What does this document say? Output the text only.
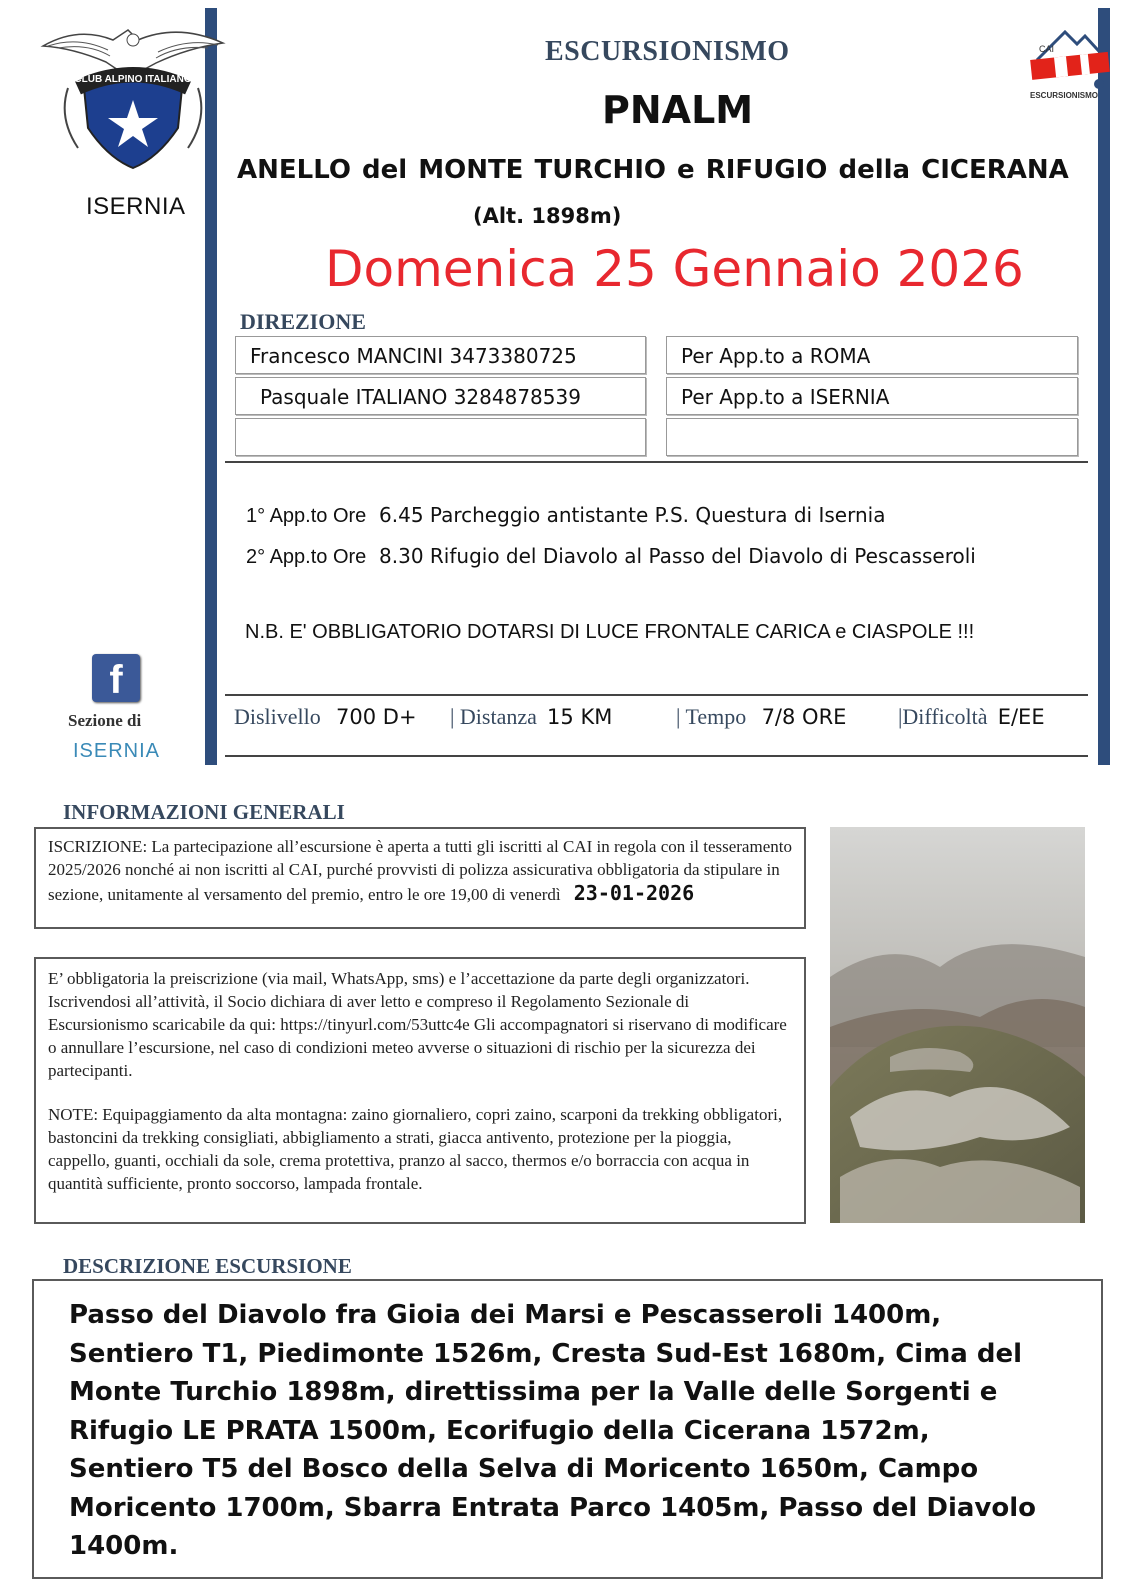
CLUB ALPINO ITALIANO
ISERNIA
ESCURSIONISMO
PNALM
ANELLO del MONTE TURCHIO e RIFUGIO della CICERANA
(Alt. 1898m)
Domenica 25 Gennaio 2026
CAI
ESCURSIONISMO
DIREZIONE
Francesco MANCINI 3473380725	Per App.to a ROMA
Pasquale ITALIANO 3284878539	Per App.to a ISERNIA
1° App.to Ore 6.45 Parcheggio antistante P.S. Questura di Isernia
2° App.to Ore 8.30 Rifugio del Diavolo al Passo del Diavolo di Pescasseroli
N.B. E' OBBLIGATORIO DOTARSI DI LUCE FRONTALE CARICA e CIASPOLE !!!
Dislivello 700 D+ | Distanza 15 KM	| Tempo 7/8 ORE |Difficoltà E/EE
f
Sezione di
ISERNIA
INFORMAZIONI GENERALI
ISCRIZIONE: La partecipazione all’escursione è aperta a tutti gli iscritti al CAI in regola con il tesseramento 2025/2026 nonché ai non iscritti al CAI, purché provvisti di polizza assicurativa obbligatoria da stipulare in sezione, unitamente al versamento del premio, entro le ore 19,00 di venerdì 23-01-2026
E’ obbligatoria la preiscrizione (via mail, WhatsApp, sms) e l’accettazione da parte degli organizzatori. Iscrivendosi all’attività, il Socio dichiara di aver letto e compreso il Regolamento Sezionale di Escursionismo scaricabile da qui: https://tinyurl.com/53uttc4e Gli accompagnatori si riservano di modificare o annullare l’escursione, nel caso di condizioni meteo avverse o situazioni di rischio per la sicurezza dei partecipanti.
NOTE: Equipaggiamento da alta montagna: zaino giornaliero, copri zaino, scarponi da trekking obbligatori, bastoncini da trekking consigliati, abbigliamento a strati, giacca antivento, protezione per la pioggia, cappello, guanti, occhiali da sole, crema protettiva, pranzo al sacco, thermos e/o borraccia con acqua in quantità sufficiente, pronto soccorso, lampada frontale.
DESCRIZIONE ESCURSIONE
Passo del Diavolo fra Gioia dei Marsi e Pescasseroli 1400m, Sentiero T1, Piedimonte 1526m, Cresta Sud-Est 1680m, Cima del Monte Turchio 1898m, direttissima per la Valle delle Sorgenti e Rifugio LE PRATA 1500m, Ecorifugio della Cicerana 1572m, Sentiero T5 del Bosco della Selva di Moricento 1650m, Campo Moricento 1700m, Sbarra Entrata Parco 1405m, Passo del Diavolo 1400m.
